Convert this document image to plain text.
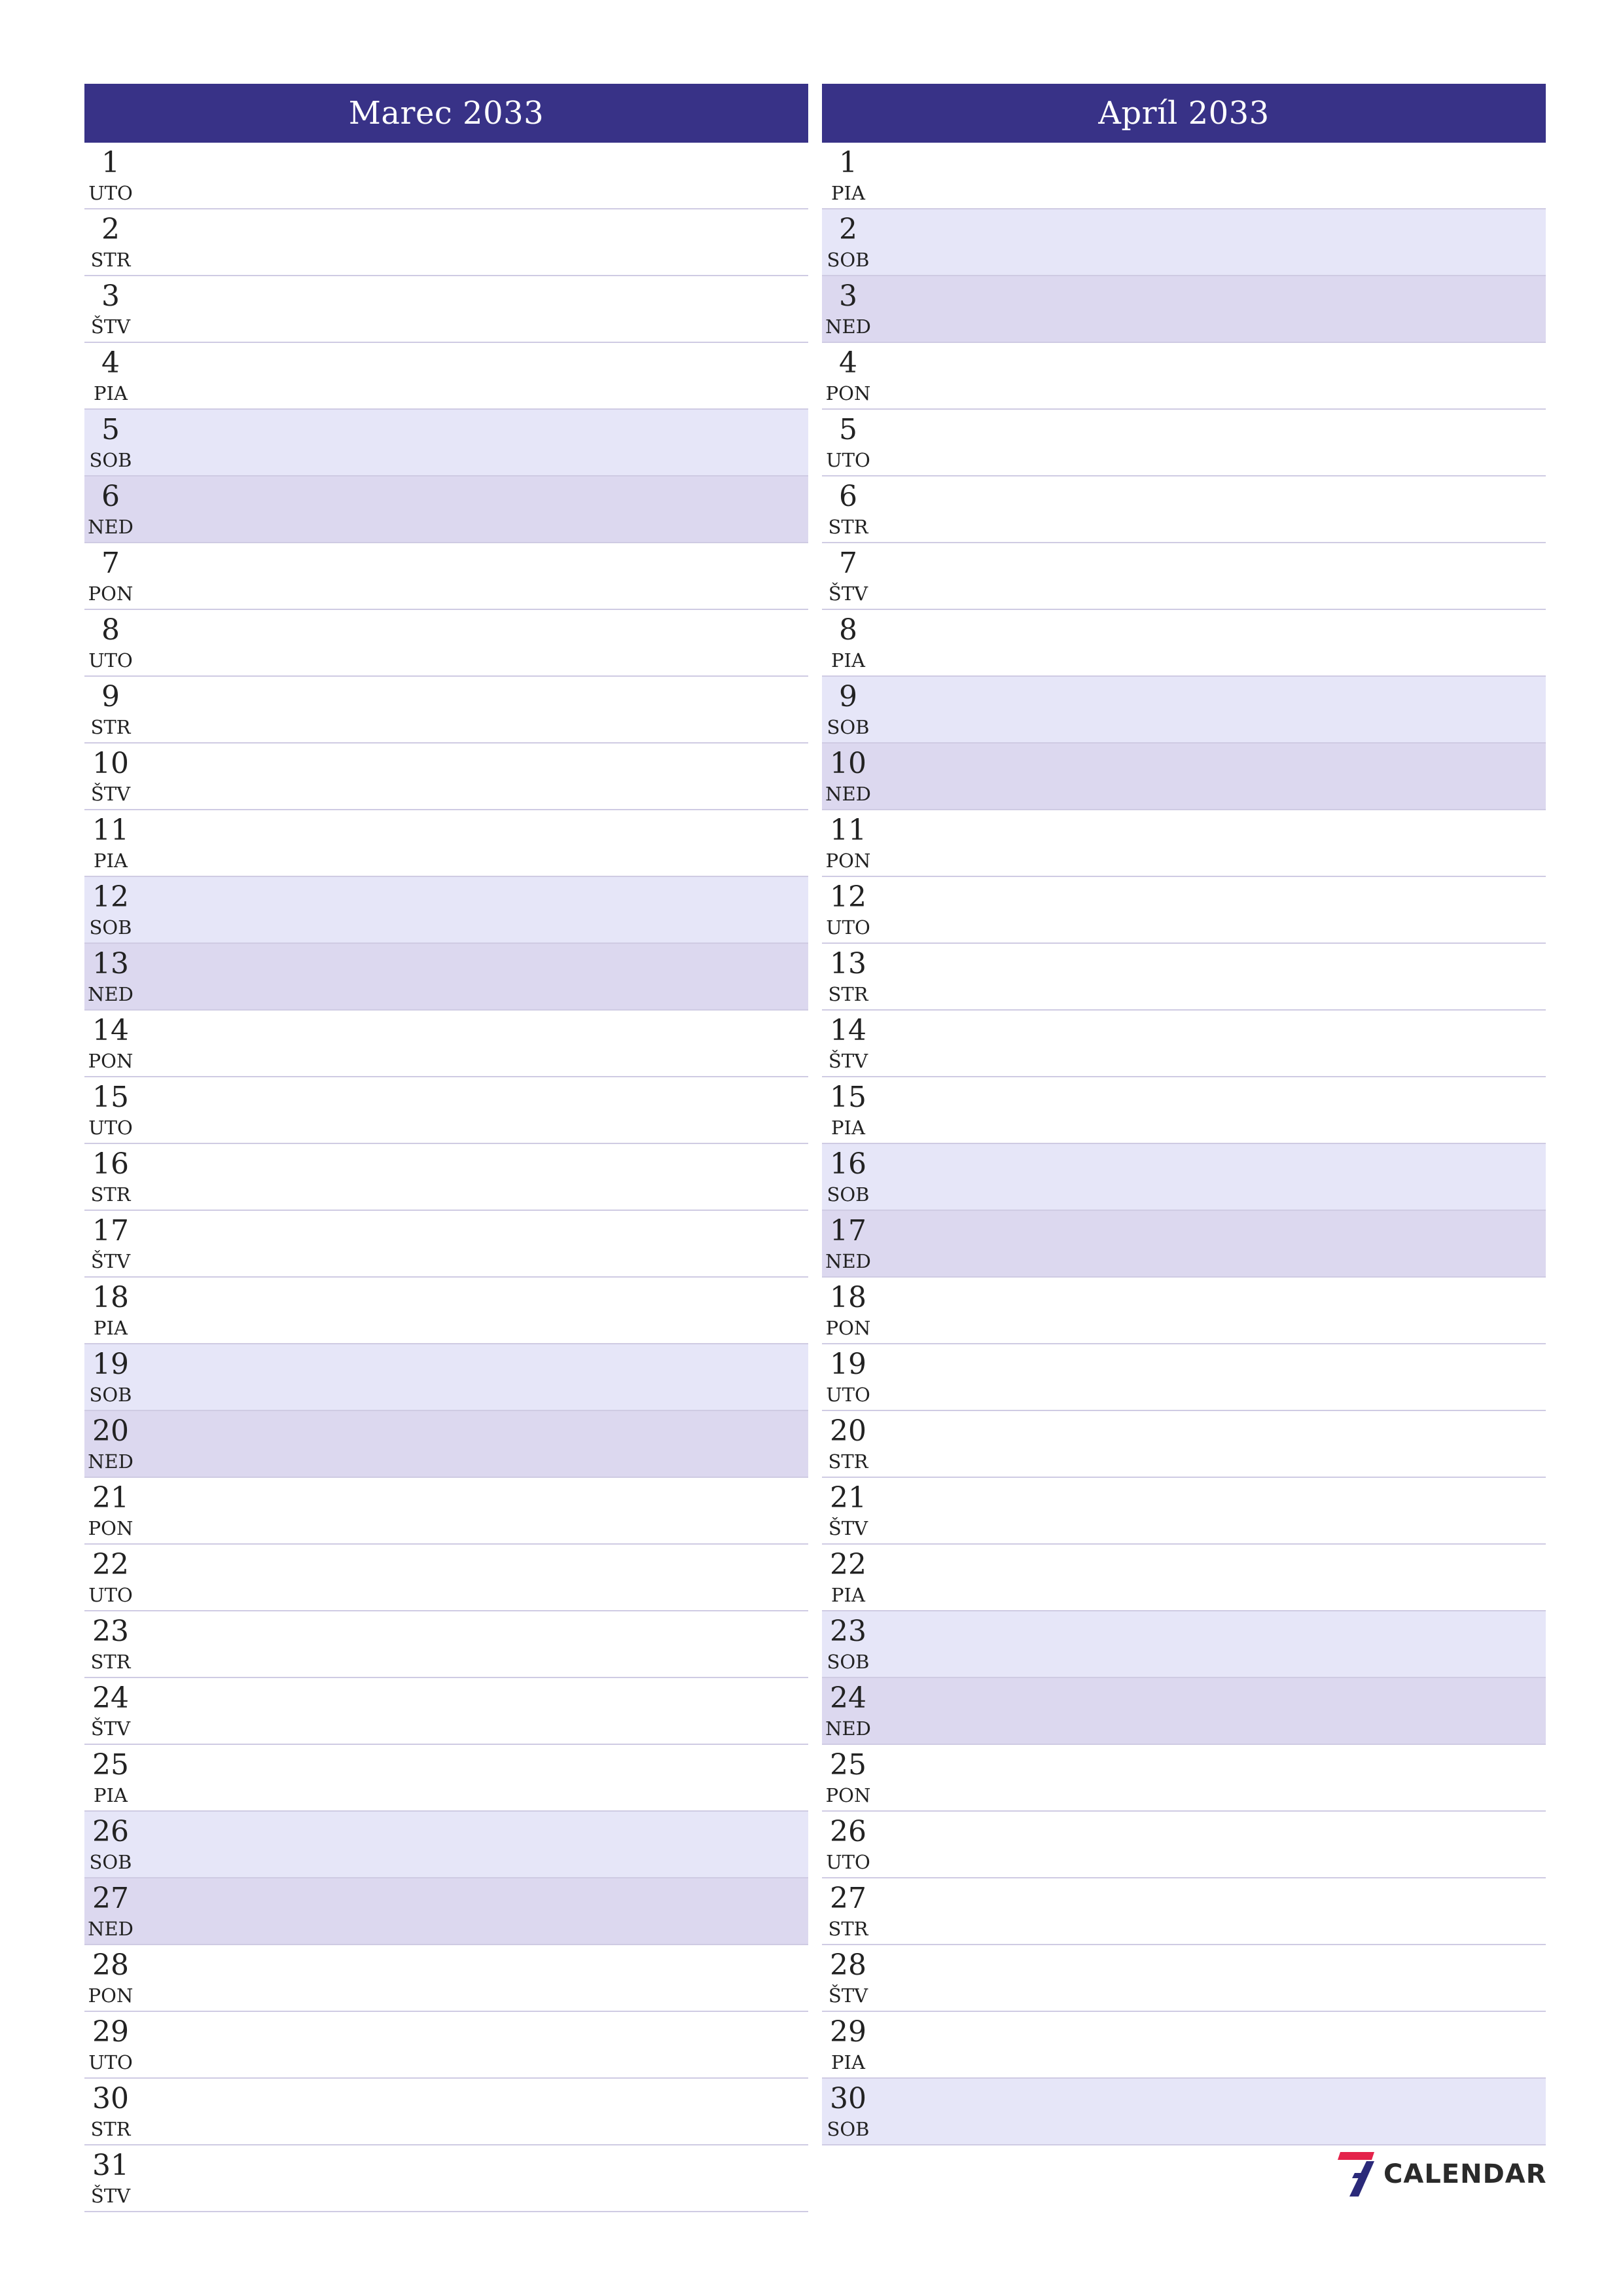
Marec 2033
1
UTO
2
STR
3
ŠTV
4
PIA
5
SOB
6
NED
7
PON
8
UTO
9
STR
10
ŠTV
11
PIA
12
SOB
13
NED
14
PON
15
UTO
16
STR
17
ŠTV
18
PIA
19
SOB
20
NED
21
PON
22
UTO
23
STR
24
ŠTV
25
PIA
26
SOB
27
NED
28
PON
29
UTO
30
STR
31
ŠTV
Apríl 2033
1
PIA
2
SOB
3
NED
4
PON
5
UTO
6
STR
7
ŠTV
8
PIA
9
SOB
10
NED
11
PON
12
UTO
13
STR
14
ŠTV
15
PIA
16
SOB
17
NED
18
PON
19
UTO
20
STR
21
ŠTV
22
PIA
23
SOB
24
NED
25
PON
26
UTO
27
STR
28
ŠTV
29
PIA
30
SOB
CALENDAR
